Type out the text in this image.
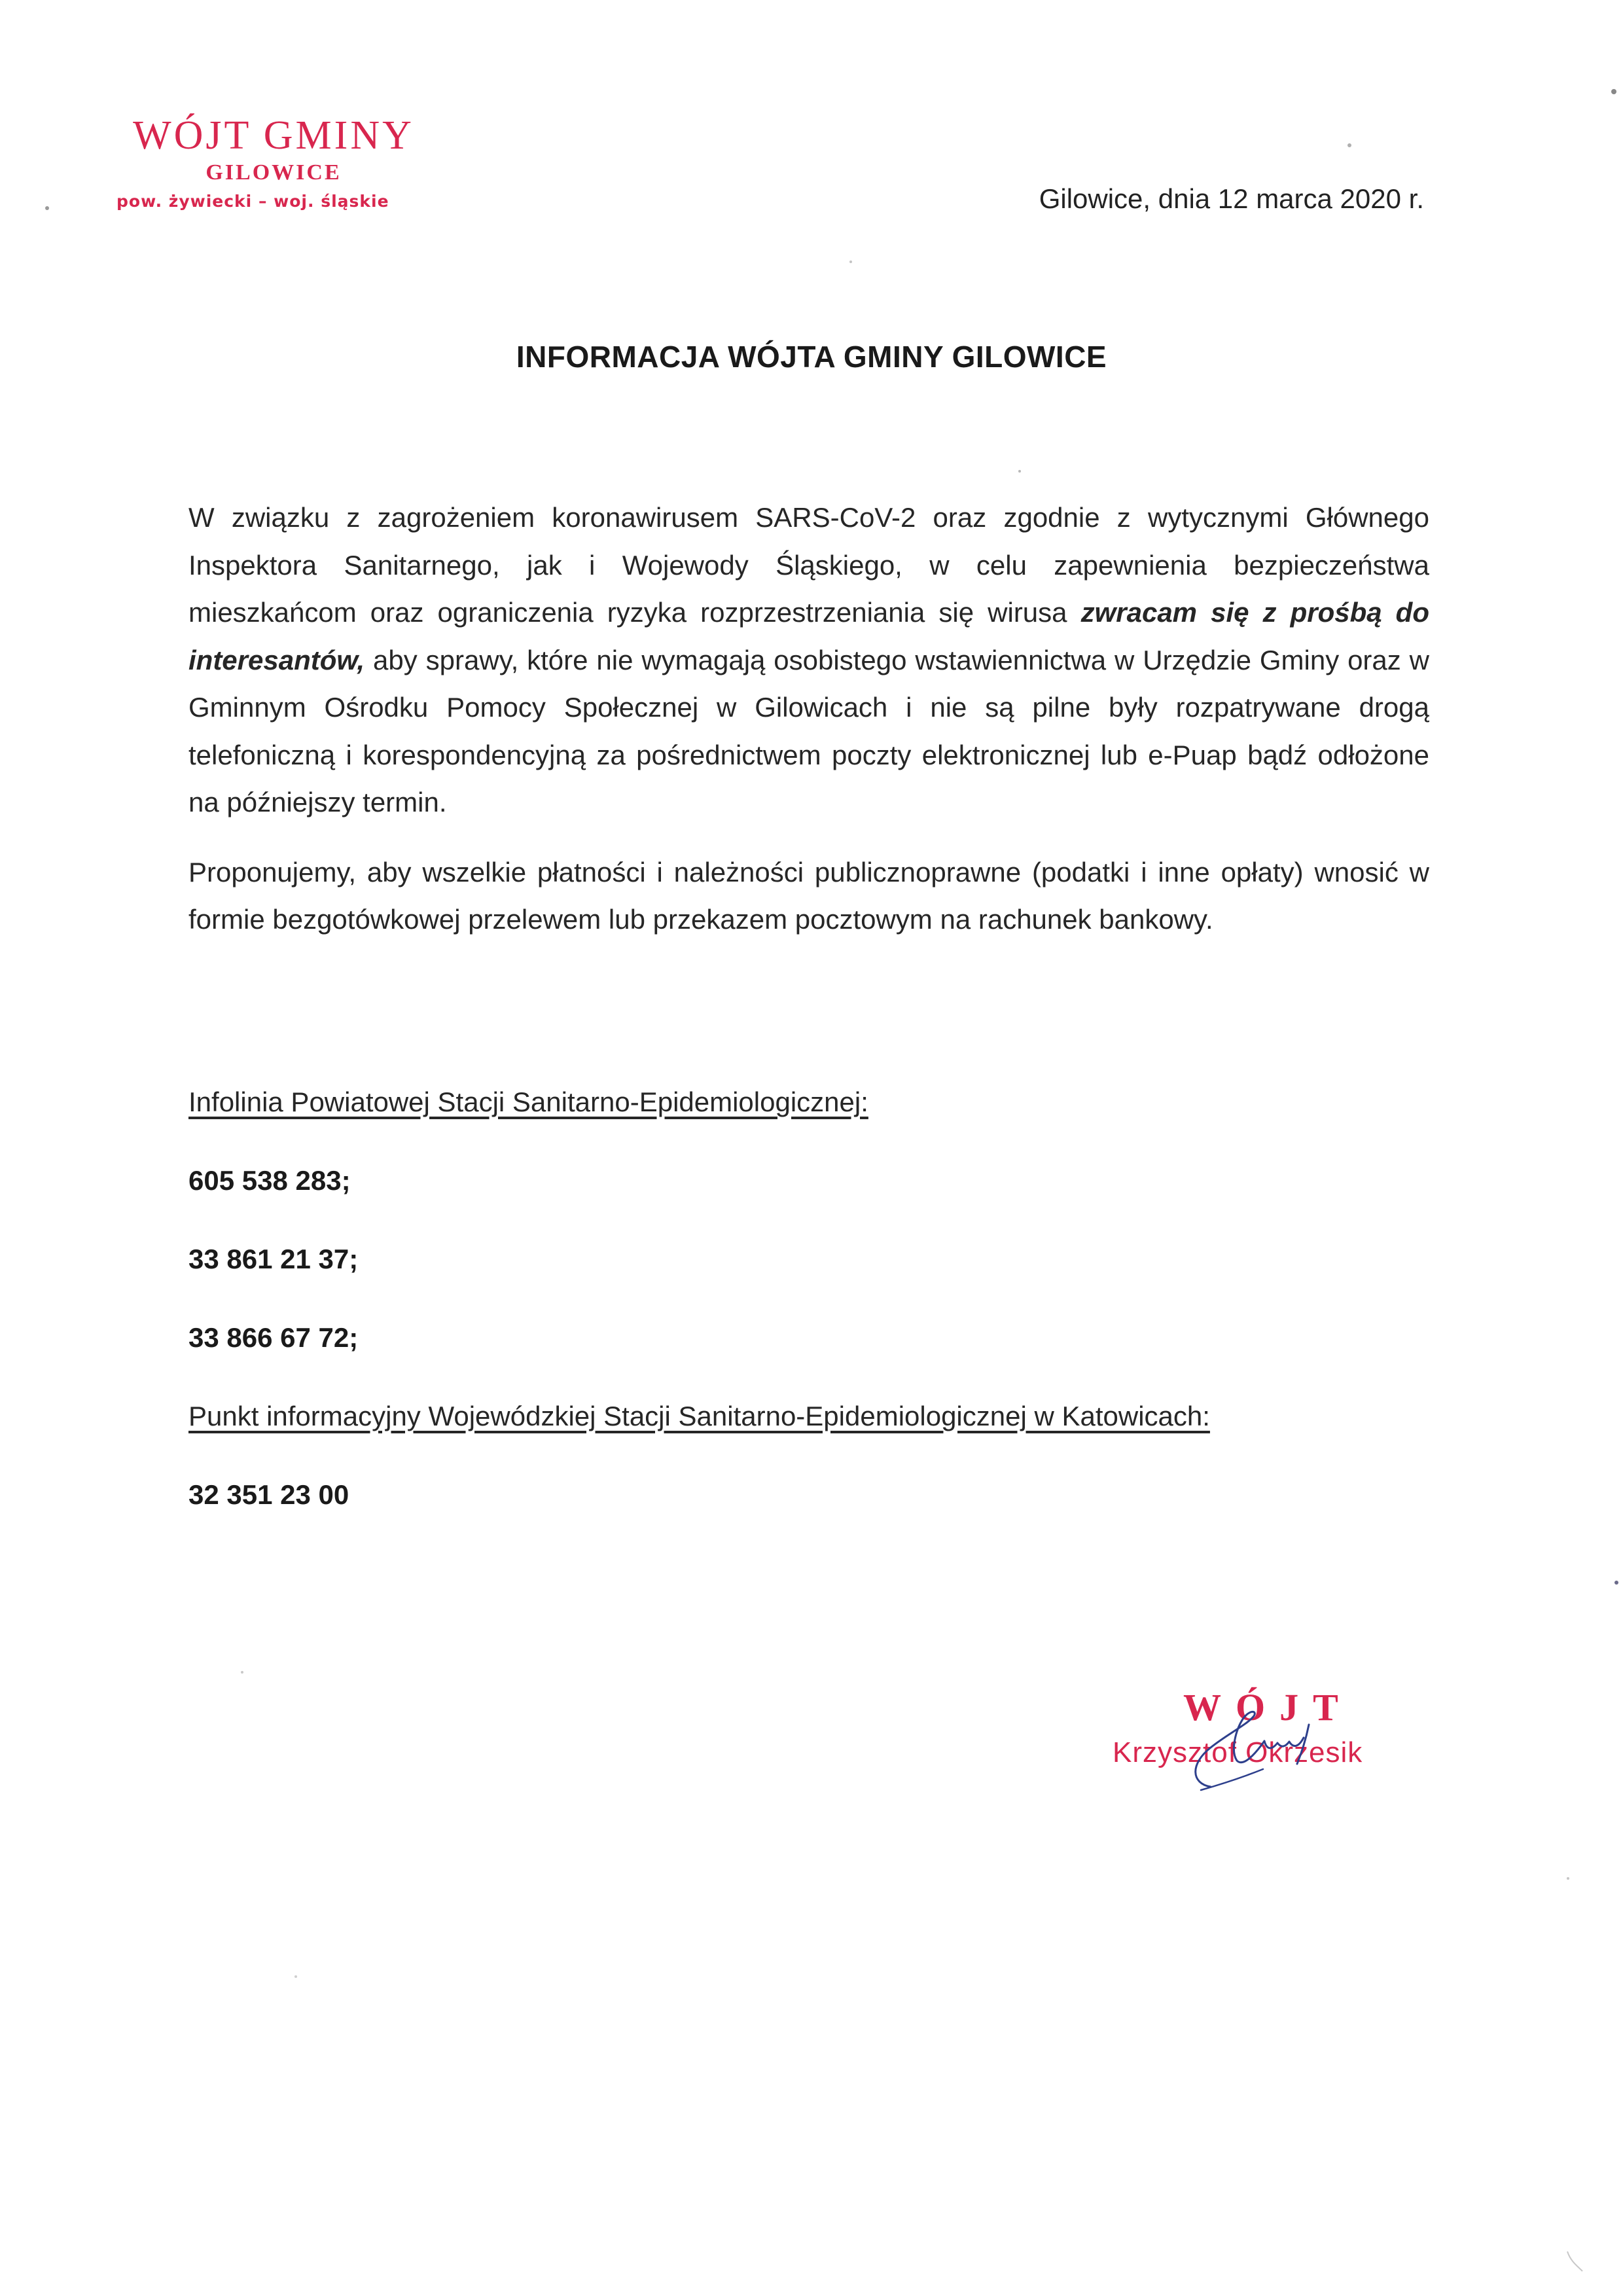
WÓJT GMINY
GILOWICE
pow. żywiecki – woj. śląskie	Gilowice, dnia 12 marca 2020 r.
INFORMACJA WÓJTA GMINY GILOWICE

W związku z zagrożeniem koronawirusem SARS-CoV-2 oraz zgodnie z wytycznymi Głównego Inspektora Sanitarnego, jak i Wojewody Śląskiego, w celu zapewnienia bezpieczeństwa mieszkańcom oraz ograniczenia ryzyka rozprzestrzeniania się wirusa zwracam się z prośbą do interesantów, aby sprawy, które nie wymagają osobistego wstawiennictwa w Urzędzie Gminy oraz w Gminnym Ośrodku Pomocy Społecznej w Gilowicach i nie są pilne były rozpatrywane drogą telefoniczną i korespondencyjną za pośrednictwem poczty elektronicznej lub e-Puap bądź odłożone na późniejszy termin.

Proponujemy, aby wszelkie płatności i należności publicznoprawne (podatki i inne opłaty) wnosić w formie bezgotówkowej przelewem lub przekazem pocztowym na rachunek bankowy.

Infolinia Powiatowej Stacji Sanitarno-Epidemiologicznej:
605 538 283;
33 861 21 37;
33 866 67 72;
Punkt informacyjny Wojewódzkiej Stacji Sanitarno-Epidemiologicznej w Katowicach:
32 351 23 00
WÓJT
Krzysztof Okrzesik
